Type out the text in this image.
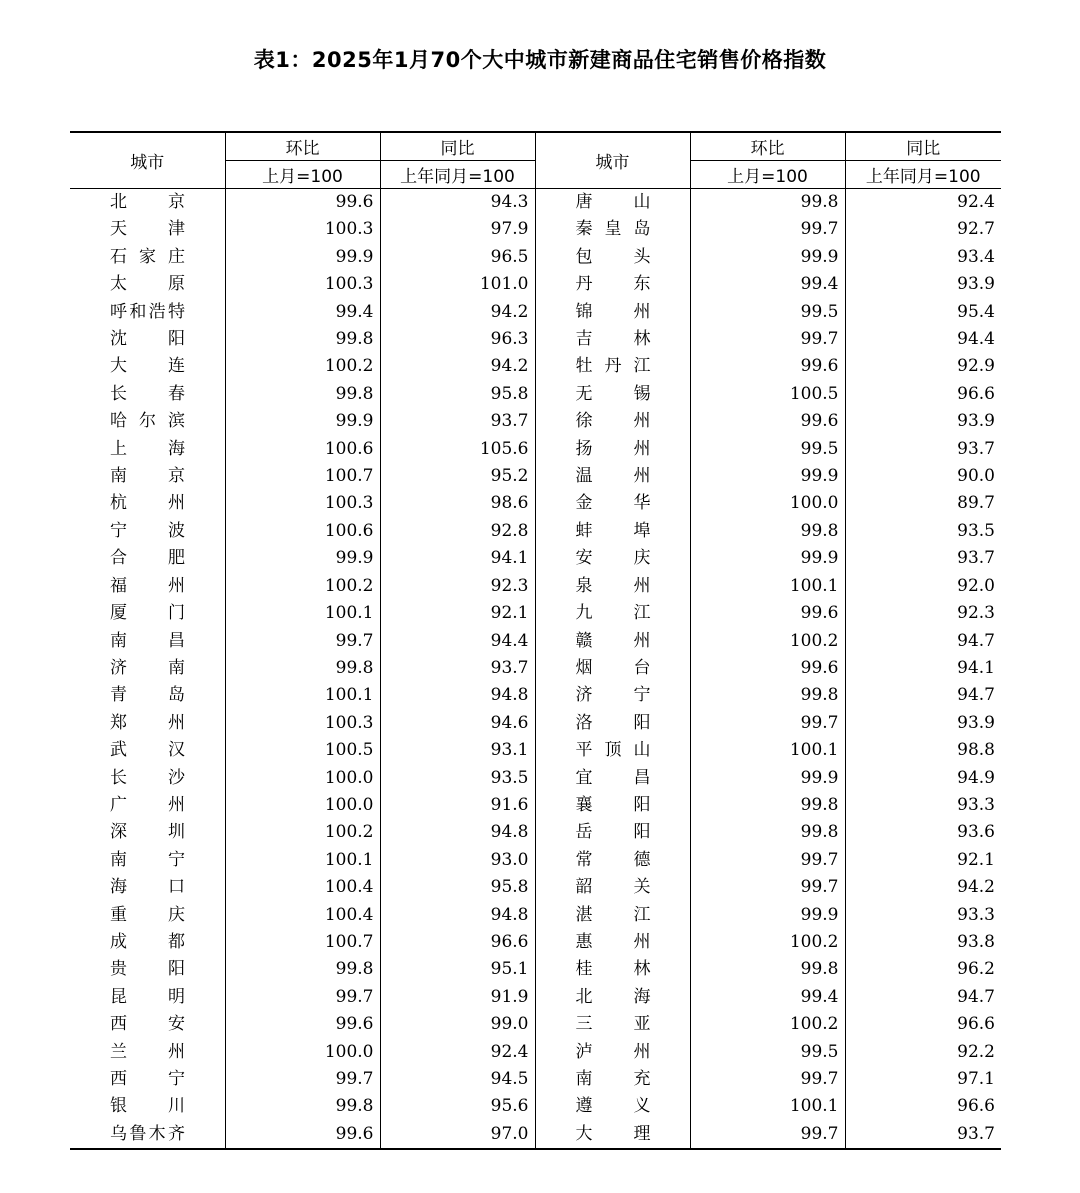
表1：2025年1月70个大中城市新建商品住宅销售价格指数
城市	环比	同比	城市	环比	同比
	上月=100	上年同月=100		上月=100	上年同月=100
北京	99.6	94.3	唐山	99.8	92.4
天津	100.3	97.9	秦皇岛	99.7	92.7
石家庄	99.9	96.5	包头	99.9	93.4
太原	100.3	101.0	丹东	99.4	93.9
呼和浩特	99.4	94.2	锦州	99.5	95.4
沈阳	99.8	96.3	吉林	99.7	94.4
大连	100.2	94.2	牡丹江	99.6	92.9
长春	99.8	95.8	无锡	100.5	96.6
哈尔滨	99.9	93.7	徐州	99.6	93.9
上海	100.6	105.6	扬州	99.5	93.7
南京	100.7	95.2	温州	99.9	90.0
杭州	100.3	98.6	金华	100.0	89.7
宁波	100.6	92.8	蚌埠	99.8	93.5
合肥	99.9	94.1	安庆	99.9	93.7
福州	100.2	92.3	泉州	100.1	92.0
厦门	100.1	92.1	九江	99.6	92.3
南昌	99.7	94.4	赣州	100.2	94.7
济南	99.8	93.7	烟台	99.6	94.1
青岛	100.1	94.8	济宁	99.8	94.7
郑州	100.3	94.6	洛阳	99.7	93.9
武汉	100.5	93.1	平顶山	100.1	98.8
长沙	100.0	93.5	宜昌	99.9	94.9
广州	100.0	91.6	襄阳	99.8	93.3
深圳	100.2	94.8	岳阳	99.8	93.6
南宁	100.1	93.0	常德	99.7	92.1
海口	100.4	95.8	韶关	99.7	94.2
重庆	100.4	94.8	湛江	99.9	93.3
成都	100.7	96.6	惠州	100.2	93.8
贵阳	99.8	95.1	桂林	99.8	96.2
昆明	99.7	91.9	北海	99.4	94.7
西安	99.6	99.0	三亚	100.2	96.6
兰州	100.0	92.4	泸州	99.5	92.2
西宁	99.7	94.5	南充	99.7	97.1
银川	99.8	95.6	遵义	100.1	96.6
乌鲁木齐	99.6	97.0	大理	99.7	93.7
